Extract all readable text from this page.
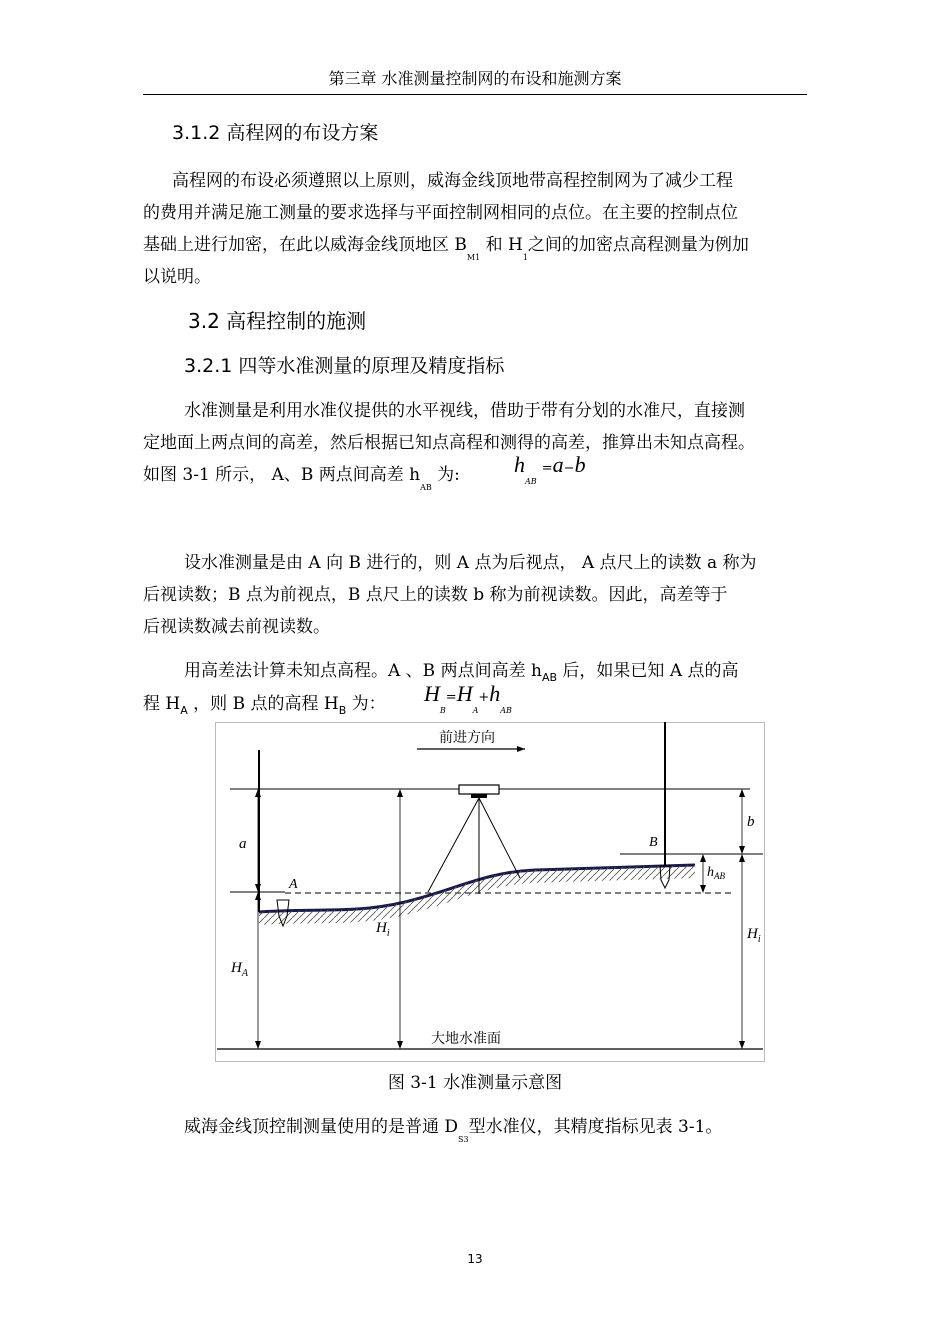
第三章 水准测量控制网的布设和施测方案
3.1.2 高程网的布设方案
高程网的布设必须遵照以上原则，威海金线顶地带高程控制网为了减少工程
的费用并满足施工测量的要求选择与平面控制网相同的点位。在主要的控制点位
基础上进行加密，在此以威海金线顶地区 $B_{M1}$ 和 $H_1$之间的加密点高程测量为例加
以说明。
3.2 高程控制的施测
3.2.1 四等水准测量的原理及精度指标
水准测量是利用水准仪提供的水平视线，借助于带有分划的水准尺，直接测
定地面上两点间的高差，然后根据已知点高程和测得的高差，推算出未知点高程。
如图 3-1 所示， A、B 两点间高差 $h_{AB}$ 为: $h_{AB} =a-b$
设水准测量是由 A 向 B 进行的，则 A 点为后视点， A 点尺上的读数 a 称为
后视读数；B 点为前视点，B 点尺上的读数 b 称为前视读数。因此，高差等于
后视读数减去前视读数。
用高差法计算未知点高程。A 、B 两点间高差 $h_{AB}$ 后，如果已知 A 点的高
程 $H_A$ ，则 B 点的高程 $H_B$ 为： $H_B=H_A+h_{AB}$
前进方向
a
$H_A$
$H_i$
b
$H_i$
$h_{AB}$
A
B
大地水准面
图 3-1 水准测量示意图
威海金线顶控制测量使用的是普通 $D_{S3}$型水准仪，其精度指标见表 3-1。
13
